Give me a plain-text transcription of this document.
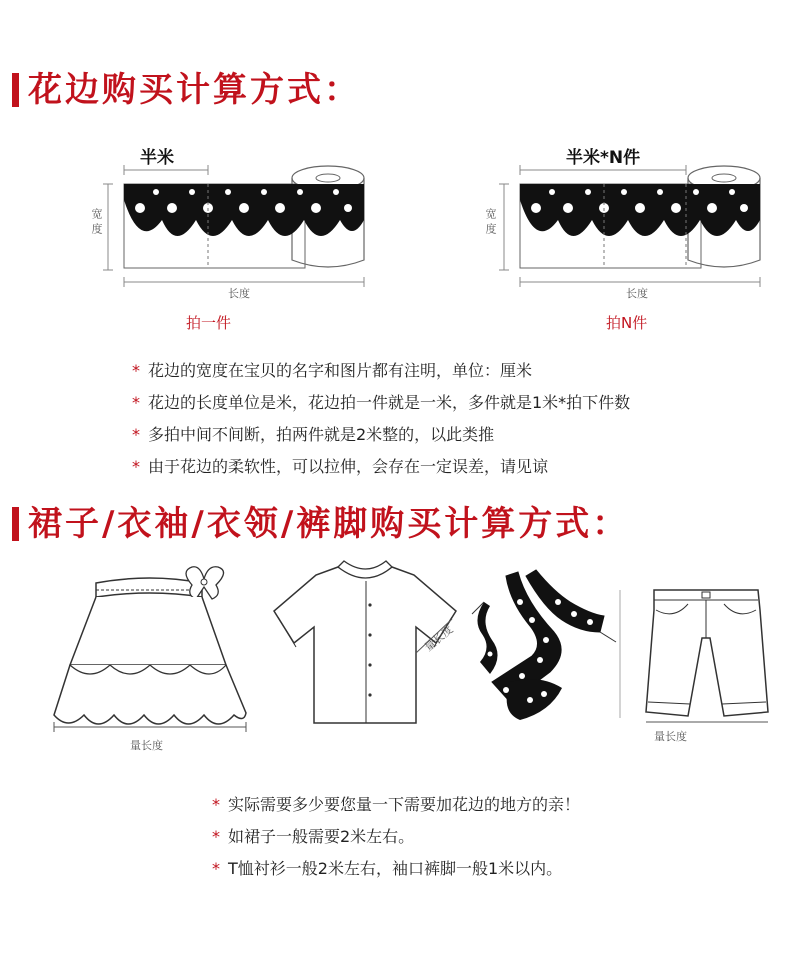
花边购买计算方式：
半米
宽度
长度
拍一件
半米*N件
宽度
长度
拍N件
* 花边的宽度在宝贝的名字和图片都有注明，单位：厘米
* 花边的长度单位是米，花边拍一件就是一米，多件就是1米*拍下件数
* 多拍中间不间断，拍两件就是2米整的，以此类推
* 由于花边的柔软性，可以拉伸，会存在一定误差，请见谅
裙子/衣袖/衣领/裤脚购买计算方式：
量长度
量长度
量长度
* 实际需要多少要您量一下需要加花边的地方的亲！
* 如裙子一般需要2米左右。
* T恤衬衫一般2米左右，袖口裤脚一般1米以内。
